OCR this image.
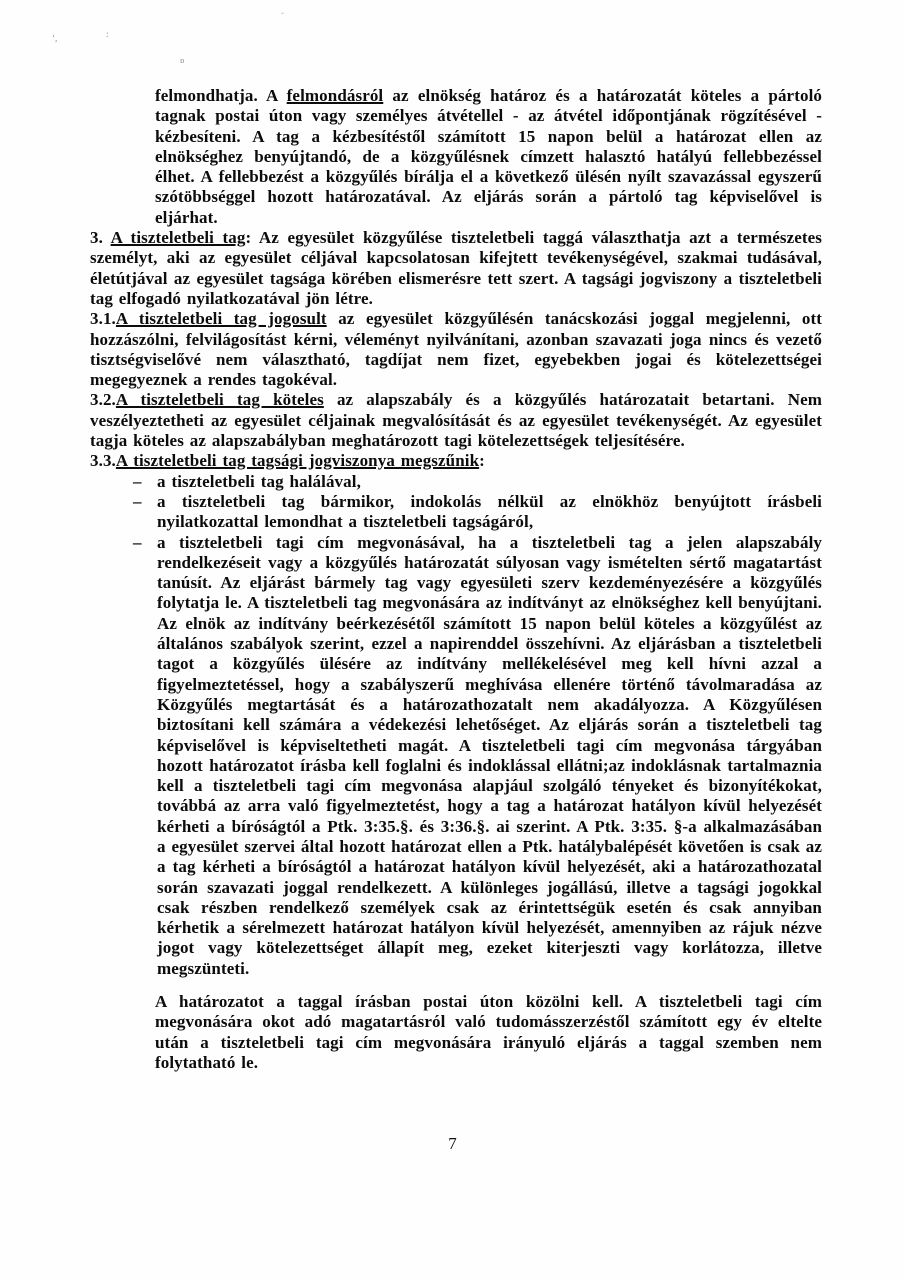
ʻ,	:
ɒ
ˇ

felmondhatja. A felmondásról az elnökség határoz és a határozatát köteles a pártoló tagnak postai úton vagy személyes átvétellel - az átvétel időpontjának rögzítésével - kézbesíteni. A tag a kézbesítéstől számított 15 napon belül a határozat ellen az elnökséghez benyújtandó, de a közgyűlésnek címzett halasztó hatályú fellebbezéssel élhet. A fellebbezést a közgyűlés bírálja el a következő ülésén nyílt szavazással egyszerű szótöbbséggel hozott határozatával. Az eljárás során a pártoló tag képviselővel is eljárhat.

3. A tiszteletbeli tag: Az egyesület közgyűlése tiszteletbeli taggá választhatja azt a természetes személyt, aki az egyesület céljával kapcsolatosan kifejtett tevékenységével, szakmai tudásával, életútjával az egyesület tagsága körében elismerésre tett szert. A tagsági jogviszony a tiszteletbeli tag elfogadó nyilatkozatával jön létre.

3.1.A tiszteletbeli tag jogosult az egyesület közgyűlésén tanácskozási joggal megjelenni, ott hozzászólni, felvilágosítást kérni, véleményt nyilvánítani, azonban szavazati joga nincs és vezető tisztségviselővé nem választható, tagdíjat nem fizet, egyebekben jogai és kötelezettségei megegyeznek a rendes tagokéval.

3.2.A tiszteletbeli tag köteles az alapszabály és a közgyűlés határozatait betartani. Nem veszélyeztetheti az egyesület céljainak megvalósítását és az egyesület tevékenységét. Az egyesület tagja köteles az alapszabályban meghatározott tagi kötelezettségek teljesítésére.

3.3.A tiszteletbeli tag tagsági jogviszonya megszűnik:

– a tiszteletbeli tag halálával,
– a tiszteletbeli tag bármikor, indokolás nélkül az elnökhöz benyújtott írásbeli nyilatkozattal lemondhat a tiszteletbeli tagságáról,
– a tiszteletbeli tagi cím megvonásával, ha a tiszteletbeli tag a jelen alapszabály rendelkezéseit vagy a közgyűlés határozatát súlyosan vagy ismételten sértő magatartást tanúsít. Az eljárást bármely tag vagy egyesületi szerv kezdeményezésére a közgyűlés folytatja le. A tiszteletbeli tag megvonására az indítványt az elnökséghez kell benyújtani. Az elnök az indítvány beérkezésétől számított 15 napon belül köteles a közgyűlést az általános szabályok szerint, ezzel a napirenddel összehívni. Az eljárásban a tiszteletbeli tagot a közgyűlés ülésére az indítvány mellékelésével meg kell hívni azzal a figyelmeztetéssel, hogy a szabályszerű meghívása ellenére történő távolmaradása az Közgyűlés megtartását és a határozathozatalt nem akadályozza. A Közgyűlésen biztosítani kell számára a védekezési lehetőséget. Az eljárás során a tiszteletbeli tag képviselővel is képviseltetheti magát. A tiszteletbeli tagi cím megvonása tárgyában hozott határozatot írásba kell foglalni és indoklással ellátni;az indoklásnak tartalmaznia kell a tiszteletbeli tagi cím megvonása alapjául szolgáló tényeket és bizonyítékokat, továbbá az arra való figyelmeztetést, hogy a tag a határozat hatályon kívül helyezését kérheti a bíróságtól a Ptk. 3:35.§. és 3:36.§. ai szerint. A Ptk. 3:35. §-a alkalmazásában a egyesület szervei által hozott határozat ellen a Ptk. hatálybalépését követően is csak az a tag kérheti a bíróságtól a határozat hatályon kívül helyezését, aki a határozathozatal során szavazati joggal rendelkezett. A különleges jogállású, illetve a tagsági jogokkal csak részben rendelkező személyek csak az érintettségük esetén és csak annyiban kérhetik a sérelmezett határozat hatályon kívül helyezését, amennyiben az rájuk nézve jogot vagy kötelezettséget állapít meg, ezeket kiterjeszti vagy korlátozza, illetve megszünteti.

A határozatot a taggal írásban postai úton közölni kell. A tiszteletbeli tagi cím megvonására okot adó magatartásról való tudomásszerzéstől számított egy év eltelte után a tiszteletbeli tagi cím megvonására irányuló eljárás a taggal szemben nem folytatható le.

7
